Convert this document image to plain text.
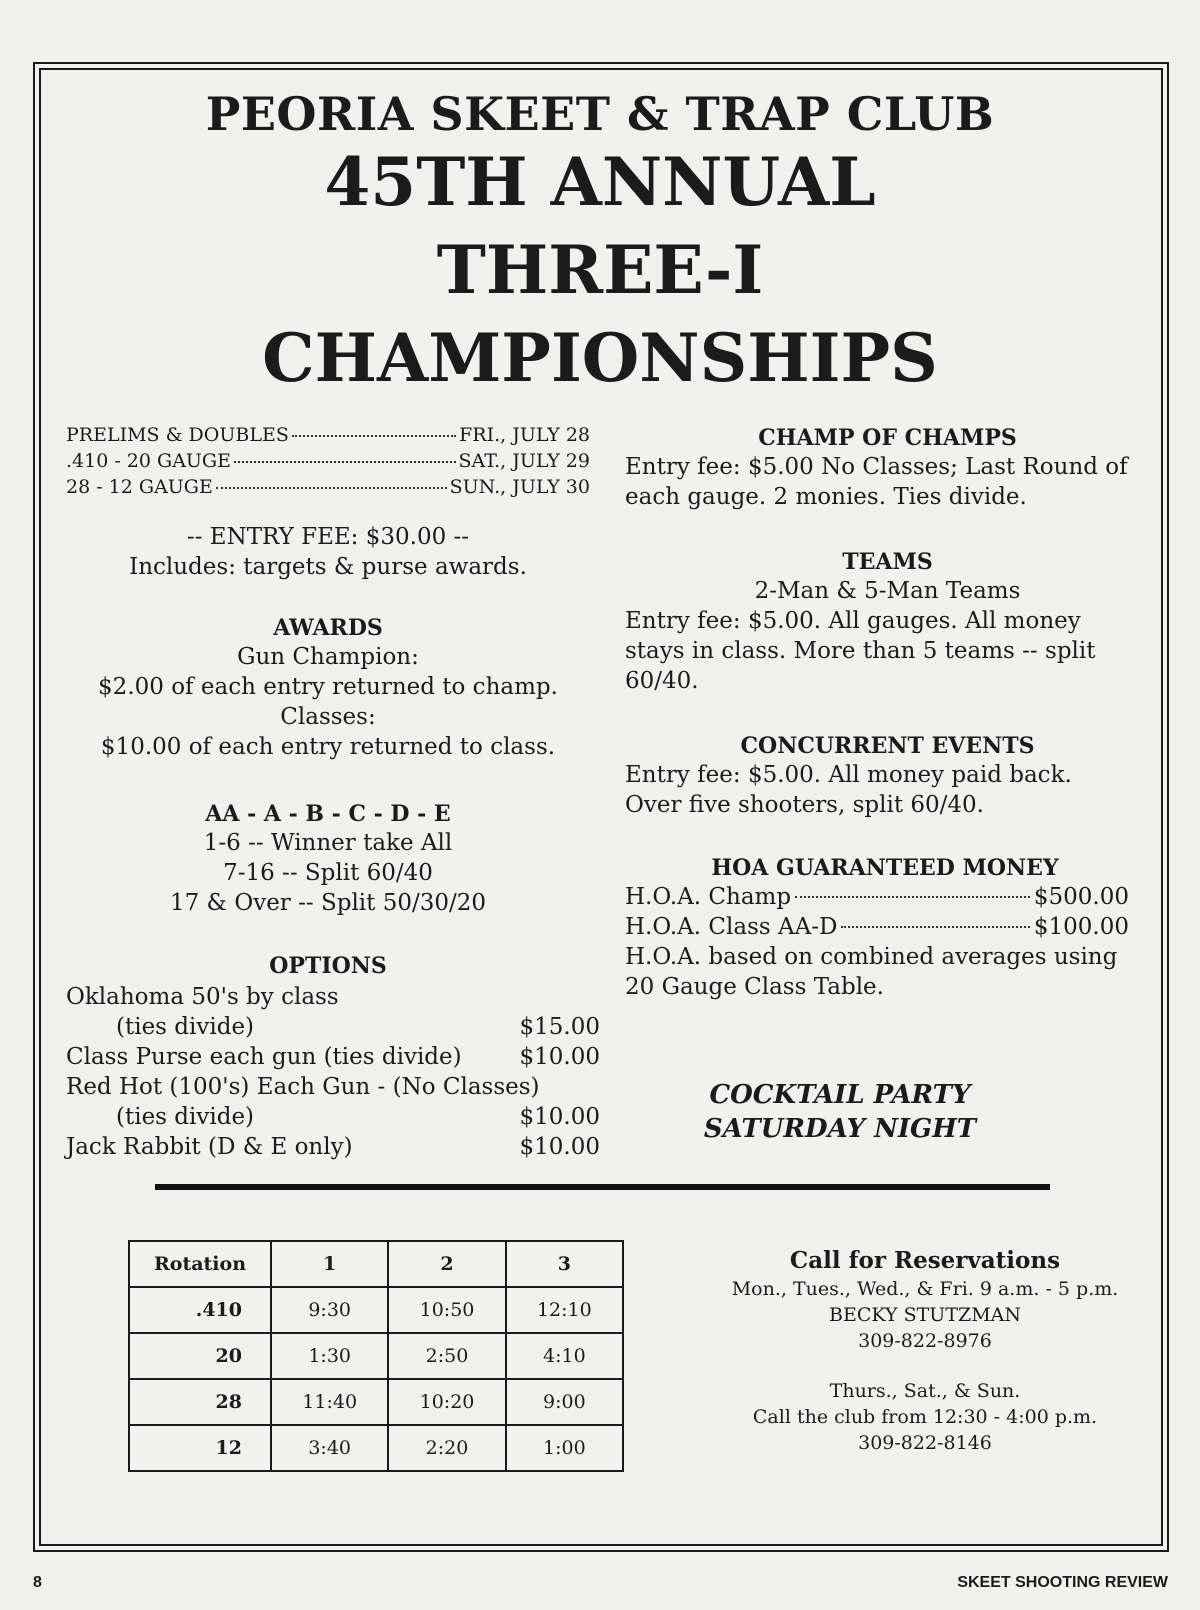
PEORIA SKEET & TRAP CLUB
45TH ANNUAL
THREE-I
CHAMPIONSHIPS
PRELIMS & DOUBLES	FRI., JULY 28
.410 - 20 GAUGE	SAT., JULY 29
28 - 12 GAUGE	SUN., JULY 30
-- ENTRY FEE: $30.00 --
Includes: targets & purse awards.
AWARDS
Gun Champion:
$2.00 of each entry returned to champ.
Classes:
$10.00 of each entry returned to class.
AA - A - B - C - D - E
1-6 -- Winner take All
7-16 -- Split 60/40
17 & Over -- Split 50/30/20
OPTIONS
Oklahoma 50's by class
(ties divide)	$15.00
Class Purse each gun (ties divide)	$10.00
Red Hot (100's) Each Gun - (No Classes)
(ties divide)	$10.00
Jack Rabbit (D & E only)	$10.00
CHAMP OF CHAMPS
Entry fee: $5.00 No Classes; Last Round of
each gauge. 2 monies. Ties divide.
TEAMS
2-Man & 5-Man Teams
Entry fee: $5.00. All gauges. All money
stays in class. More than 5 teams -- split
60/40.
CONCURRENT EVENTS
Entry fee: $5.00. All money paid back.
Over five shooters, split 60/40.
HOA GUARANTEED MONEY
H.O.A. Champ	$500.00
H.O.A. Class AA-D	$100.00
H.O.A. based on combined averages using
20 Gauge Class Table.
COCKTAIL PARTY
SATURDAY NIGHT
Rotation	1	2	3
.410	9:30	10:50	12:10
20	1:30	2:50	4:10
28	11:40	10:20	9:00
12	3:40	2:20	1:00
Call for Reservations
Mon., Tues., Wed., & Fri. 9 a.m. - 5 p.m.
BECKY STUTZMAN
309-822-8976
Thurs., Sat., & Sun.
Call the club from 12:30 - 4:00 p.m.
309-822-8146
8	SKEET SHOOTING REVIEW
